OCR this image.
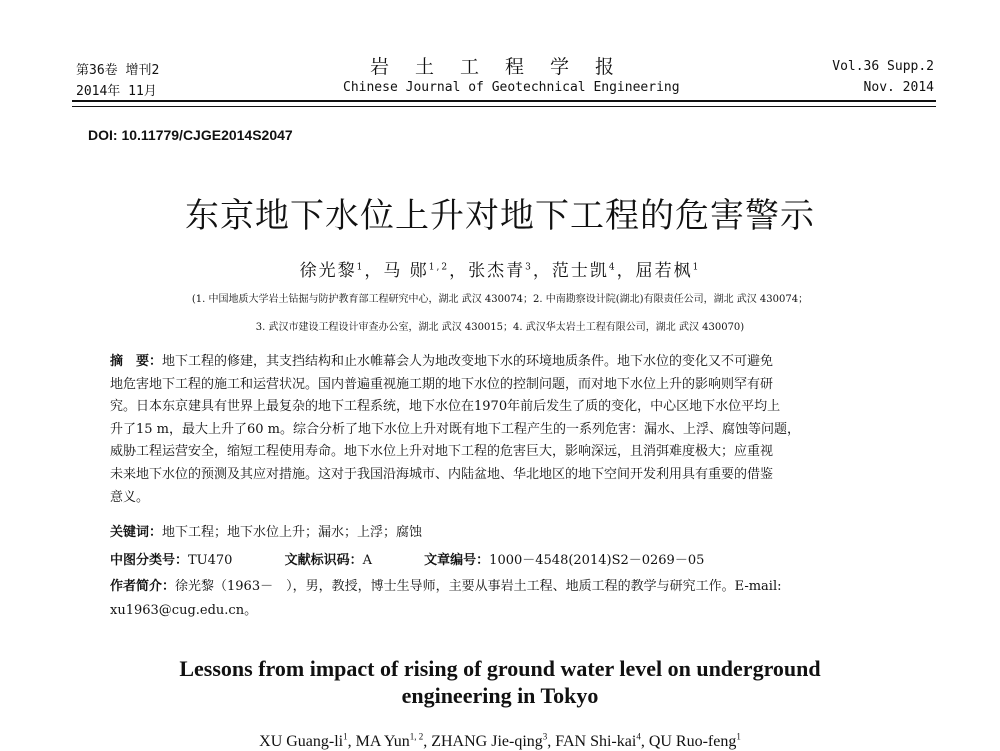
第36卷 增刊2
2014年 11月
岩土工程学报
Chinese Journal of Geotechnical Engineering
Vol.36 Supp.2
Nov. 2014
DOI: 10.11779/CJGE2014S2047
东京地下水位上升对地下工程的危害警示
徐光黎$^1$，马 郧$^{1,2}$，张杰青$^3$，范士凯$^4$，屈若枫$^1$
(1. 中国地质大学岩土钻掘与防护教育部工程研究中心，湖北 武汉 430074；2. 中南勘察设计院(湖北)有限责任公司，湖北 武汉 430074；
3. 武汉市建设工程设计审查办公室，湖北 武汉 430015；4. 武汉华太岩土工程有限公司，湖北 武汉 430070)
摘　要：地下工程的修建，其支挡结构和止水帷幕会人为地改变地下水的环境地质条件。地下水位的变化又不可避免
地危害地下工程的施工和运营状况。国内普遍重视施工期的地下水位的控制问题，而对地下水位上升的影响则罕有研
究。日本东京建具有世界上最复杂的地下工程系统，地下水位在1970年前后发生了质的变化，中心区地下水位平均上
升了15 m，最大上升了60 m。综合分析了地下水位上升对既有地下工程产生的一系列危害：漏水、上浮、腐蚀等问题，
威胁工程运营安全，缩短工程使用寿命。地下水位上升对地下工程的危害巨大，影响深远，且消弭难度极大；应重视
未来地下水位的预测及其应对措施。这对于我国沿海城市、内陆盆地、华北地区的地下空间开发利用具有重要的借鉴
意义。
关键词：地下工程；地下水位上升；漏水；上浮；腐蚀
中图分类号：TU470	文献标识码：A	文章编号：1000－4548(2014)S2－0269－05
作者简介：徐光黎（1963－　），男，教授，博士生导师，主要从事岩土工程、地质工程的教学与研究工作。E-mail:
xu1963@cug.edu.cn。
Lessons from impact of rising of ground water level on underground
engineering in Tokyo
XU Guang-$li^1$, MA Yun$^{1, 2}$, ZHANG Jie-qing$^3$, FAN Shi-kai$^4$, QU Ruo-feng$^1$
